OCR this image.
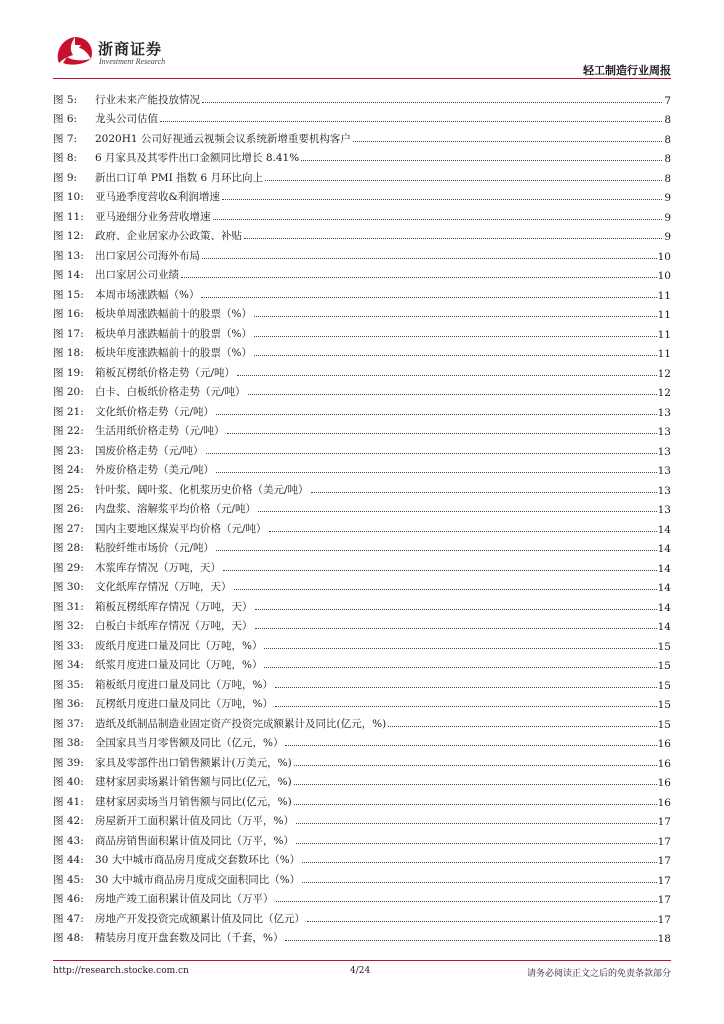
浙商证券
Investment Research
轻工制造行业周报
图 5:	行业未来产能投放情况	7
图 6:	龙头公司估值	8
图 7:	2020H1 公司好视通云视频会议系统新增重要机构客户	8
图 8:	6 月家具及其零件出口金额同比增长 8.41%	8
图 9:	新出口订单 PMI 指数 6 月环比向上	8
图 10:	亚马逊季度营收&利润增速	9
图 11:	亚马逊细分业务营收增速	9
图 12:	政府、企业居家办公政策、补贴	9
图 13:	出口家居公司海外布局	10
图 14:	出口家居公司业绩	10
图 15:	本周市场涨跌幅（%）	11
图 16:	板块单周涨跌幅前十的股票（%）	11
图 17:	板块单月涨跌幅前十的股票（%）	11
图 18:	板块年度涨跌幅前十的股票（%）	11
图 19:	箱板瓦楞纸价格走势（元/吨）	12
图 20:	白卡、白板纸价格走势（元/吨）	12
图 21:	文化纸价格走势（元/吨）	13
图 22:	生活用纸价格走势（元/吨）	13
图 23:	国废价格走势（元/吨）	13
图 24:	外废价格走势（美元/吨）	13
图 25:	针叶浆、阔叶浆、化机浆历史价格（美元/吨）	13
图 26:	内盘浆、溶解浆平均价格（元/吨）	13
图 27:	国内主要地区煤炭平均价格（元/吨）	14
图 28:	粘胶纤维市场价（元/吨）	14
图 29:	木浆库存情况（万吨，天）	14
图 30:	文化纸库存情况（万吨，天）	14
图 31:	箱板瓦楞纸库存情况（万吨，天）	14
图 32:	白板白卡纸库存情况（万吨，天）	14
图 33:	废纸月度进口量及同比（万吨，%）	15
图 34:	纸浆月度进口量及同比（万吨，%）	15
图 35:	箱板纸月度进口量及同比（万吨，%）	15
图 36:	瓦楞纸月度进口量及同比（万吨，%）	15
图 37:	造纸及纸制品制造业固定资产投资完成额累计及同比(亿元，%)	15
图 38:	全国家具当月零售额及同比（亿元，%）	16
图 39:	家具及零部件出口销售额累计(万美元，%)	16
图 40:	建材家居卖场累计销售额与同比(亿元，%)	16
图 41:	建材家居卖场当月销售额与同比(亿元，%)	16
图 42:	房屋新开工面积累计值及同比（万平，%）	17
图 43:	商品房销售面积累计值及同比（万平，%）	17
图 44:	30 大中城市商品房月度成交套数环比（%）	17
图 45:	30 大中城市商品房月度成交面积同比（%）	17
图 46:	房地产竣工面积累计值及同比（万平）	17
图 47:	房地产开发投资完成额累计值及同比（亿元）	17
图 48:	精装房月度开盘套数及同比（千套，%）	18
http://research.stocke.com.cn	4/24	请务必阅读正文之后的免责条款部分
